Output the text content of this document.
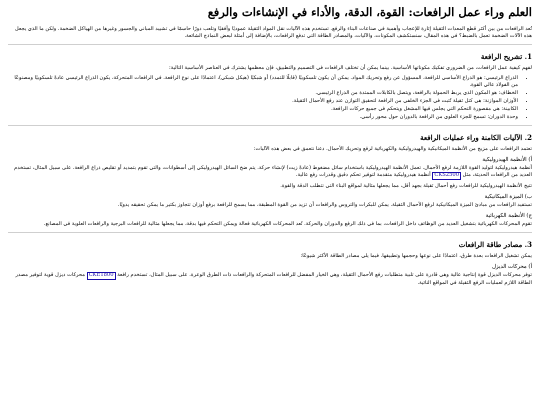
العلم وراء عمل الرافعات: القوة، الدقة، والأداء في الإنشاءات والرفع

تُعد الرافعات من بين أكثر قطع المعدات الثقيلة إثارة للإعجاب وأهمية في صناعات البناء والرفع. تستخدم هذه الآليات نقل المواد الثقيلة عموديًا وأفقيًا وتلعب دورًا حاسمًا في تشييد المباني والجسور وغيرها من الهياكل الضخمة. ولكن ما الذي يجعل هذه الآلات الضخمة تعمل بالضبط؟ في هذه المقال، سنستكشف المكونات، والآليات، والمصادر الطاقة التي تدفع الرافعات، بالإضافة إلى أمثلة لبعض النماذج الشائعة.

1. تشريح الرافعة

لفهم كيفية عمل الرافعات، من الضروري تفكيك مكوناتها الأساسية. بينما يمكن أن تختلف الرافعات في التصميم والتطبيق، فإن معظمها يشترك في العناصر الأساسية التالية:

• الذراع الرئيسي: هو الذراع الأساسي للرافعة، المسؤول عن رفع وتحريك المواد. يمكن أن يكون تلسكوبيًا (قابلًا للتمدد) أو شبكيًا (هيكل شبكي)، اعتمادًا على نوع الرافعة. في الرافعات المتحركة، يكون الذراع الرئيسي عادةً تلسكوبيًا ومصنوعًا من الفولاذ عالي القوة.
• الخطاف: هو المكون الذي يربط الحمولة بالرافعة، ويتصل بالكابلات الممتدة من الذراع الرئيسي.
• الأوزان الموازنة: هي كتل ثقيلة تُثبت في الجزء الخلفي من الرافعة لتحقيق التوازن عند رفع الأحمال الثقيلة.
• الكابينة: هي مقصورة التحكم التي يجلس فيها المشغل ويتحكم في جميع حركات الرافعة.
• وحدة الدوران: تسمح للجزء العلوي من الرافعة بالدوران حول محور رأسي.
2. الآليات الكامنة وراء عمليات الرافعة

تعتمد الرافعات على مزيج من الأنظمة الميكانيكية والهيدروليكية والكهربائية لرفع وتحريك الأحمال. دعنا نتعمق في بعض هذه الآليات:

أ) الأنظمة الهيدروليكية

أنظمة هيدروليكية لتوليد القوة اللازمة لرفع الأحمال. تعمل الأنظمة الهيدروليكية باستخدام سائل مضغوط (عادةً زيت) لإنشاء حركة. يتم ضخ السائل الهيدروليكي إلى أسطوانات، والتي تقوم بتمديد أو تقليص ذراع الرافعة. على سبيل المثال، تستخدم العديد من الرافعات الحديثة، مثل CKS2500 أنظمة هيدروليكية متقدمة لتوفير تحكم دقيق وقدرات رفع عالية.

تتيح الأنظمة الهيدروليكية للرافعات رفع أحمال ثقيلة بجهد أقل، مما يجعلها مثالية لمواقع البناء التي تتطلب الدقة والقوة.

ب) الميزة الميكانيكية

تستفيد الرافعات من مبادئ الميزة الميكانيكية لرفع الأحمال الثقيلة. يمكن للبكرات والتروس والرافعات أن تزيد من القوة المطبقة، مما يسمح للرافعة برفع أوزان تتجاوز بكثير ما يمكن تحقيقه يدويًا.

ج) الأنظمة الكهربائية

تقوم المحركات الكهربائية بتشغيل العديد من الوظائف داخل الرافعات، بما في ذلك الرفع والدوران والحركة. تُعد المحركات الكهربائية فعالة ويمكن التحكم فيها بدقة، مما يجعلها مثالية للرافعات البرجية والرافعات العلوية في المصانع.

3. مصادر طاقة الرافعات

يمكن تشغيل الرافعات بعدة طرق، اعتمادًا على نوعها وحجمها وتطبيقها. فيما يلي مصادر الطاقة الأكثر شيوعًا:

أ) محركات الديزل

توفر محركات الديزل قوة إنتاجية عالية وهي قادرة على تلبية متطلبات رفع الأحمال الثقيلة، وهي الخيار المفضل للرافعات المتحركة والرافعات ذات الطرق الوعرة. على سبيل المثال، تستخدم رافعة CKE1800 محركات ديزل قوية لتوفير مصدر الطاقة اللازم لعمليات الرفع الثقيلة في المواقع النائية.
